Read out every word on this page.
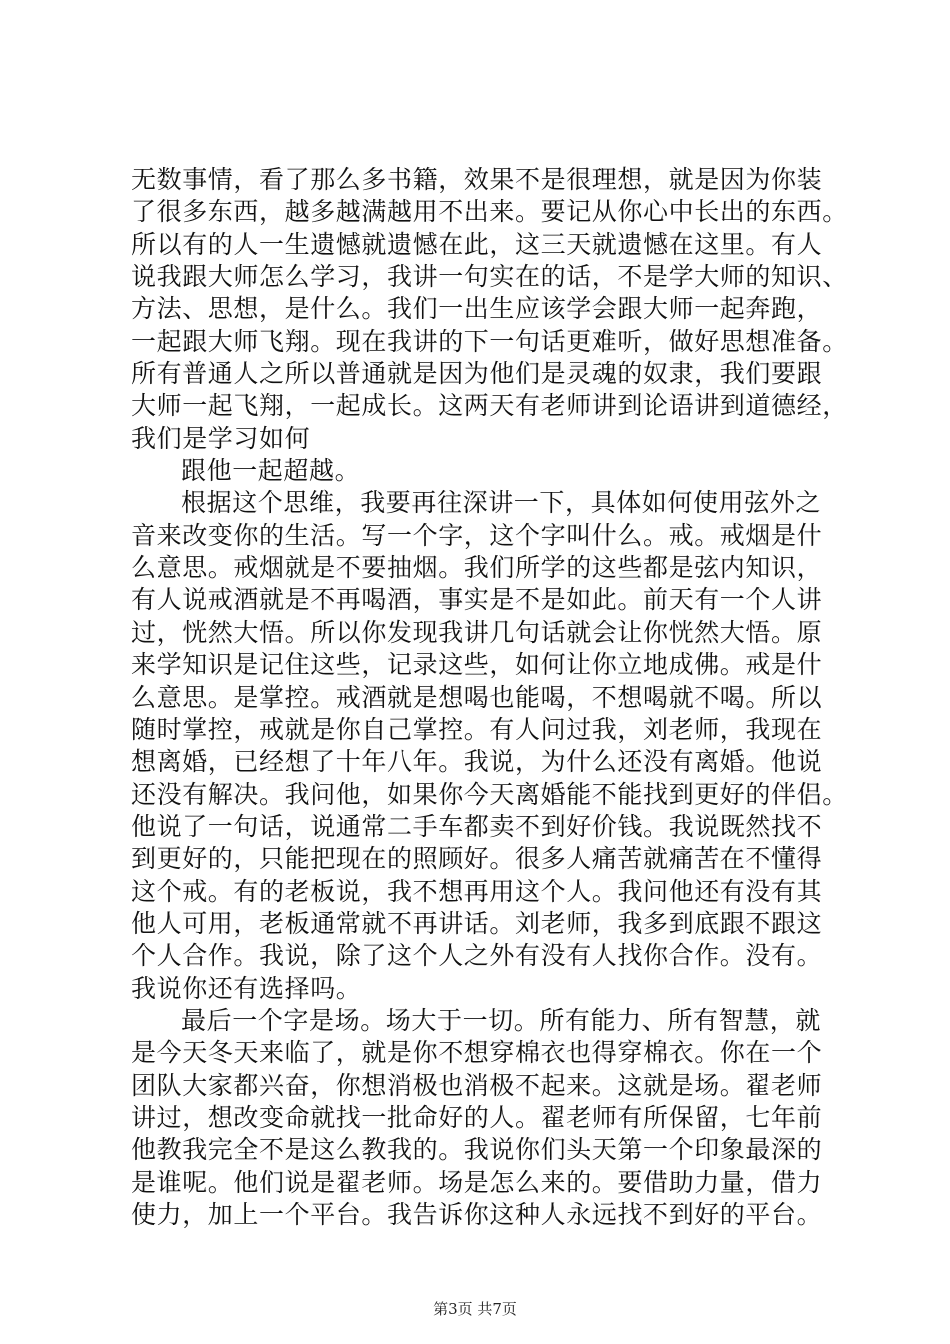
无数事情，看了那么多书籍，效果不是很理想，就是因为你装
了很多东西，越多越满越用不出来。要记从你心中长出的东西。
所以有的人一生遗憾就遗憾在此，这三天就遗憾在这里。有人
说我跟大师怎么学习，我讲一句实在的话，不是学大师的知识、
方法、思想，是什么。我们一出生应该学会跟大师一起奔跑，
一起跟大师飞翔。现在我讲的下一句话更难听，做好思想准备。
所有普通人之所以普通就是因为他们是灵魂的奴隶，我们要跟
大师一起飞翔，一起成长。这两天有老师讲到论语讲到道德经，
我们是学习如何
跟他一起超越。
根据这个思维，我要再往深讲一下，具体如何使用弦外之
音来改变你的生活。写一个字，这个字叫什么。戒。戒烟是什
么意思。戒烟就是不要抽烟。我们所学的这些都是弦内知识，
有人说戒酒就是不再喝酒，事实是不是如此。前天有一个人讲
过，恍然大悟。所以你发现我讲几句话就会让你恍然大悟。原
来学知识是记住这些，记录这些，如何让你立地成佛。戒是什
么意思。是掌控。戒酒就是想喝也能喝，不想喝就不喝。所以
随时掌控，戒就是你自己掌控。有人问过我，刘老师，我现在
想离婚，已经想了十年八年。我说，为什么还没有离婚。他说
还没有解决。我问他，如果你今天离婚能不能找到更好的伴侣。
他说了一句话，说通常二手车都卖不到好价钱。我说既然找不
到更好的，只能把现在的照顾好。很多人痛苦就痛苦在不懂得
这个戒。有的老板说，我不想再用这个人。我问他还有没有其
他人可用，老板通常就不再讲话。刘老师，我多到底跟不跟这
个人合作。我说，除了这个人之外有没有人找你合作。没有。
我说你还有选择吗。
最后一个字是场。场大于一切。所有能力、所有智慧，就
是今天冬天来临了，就是你不想穿棉衣也得穿棉衣。你在一个
团队大家都兴奋，你想消极也消极不起来。这就是场。翟老师
讲过，想改变命就找一批命好的人。翟老师有所保留，七年前
他教我完全不是这么教我的。我说你们头天第一个印象最深的
是谁呢。他们说是翟老师。场是怎么来的。要借助力量，借力
使力，加上一个平台。我告诉你这种人永远找不到好的平台。
第3页 共7页
